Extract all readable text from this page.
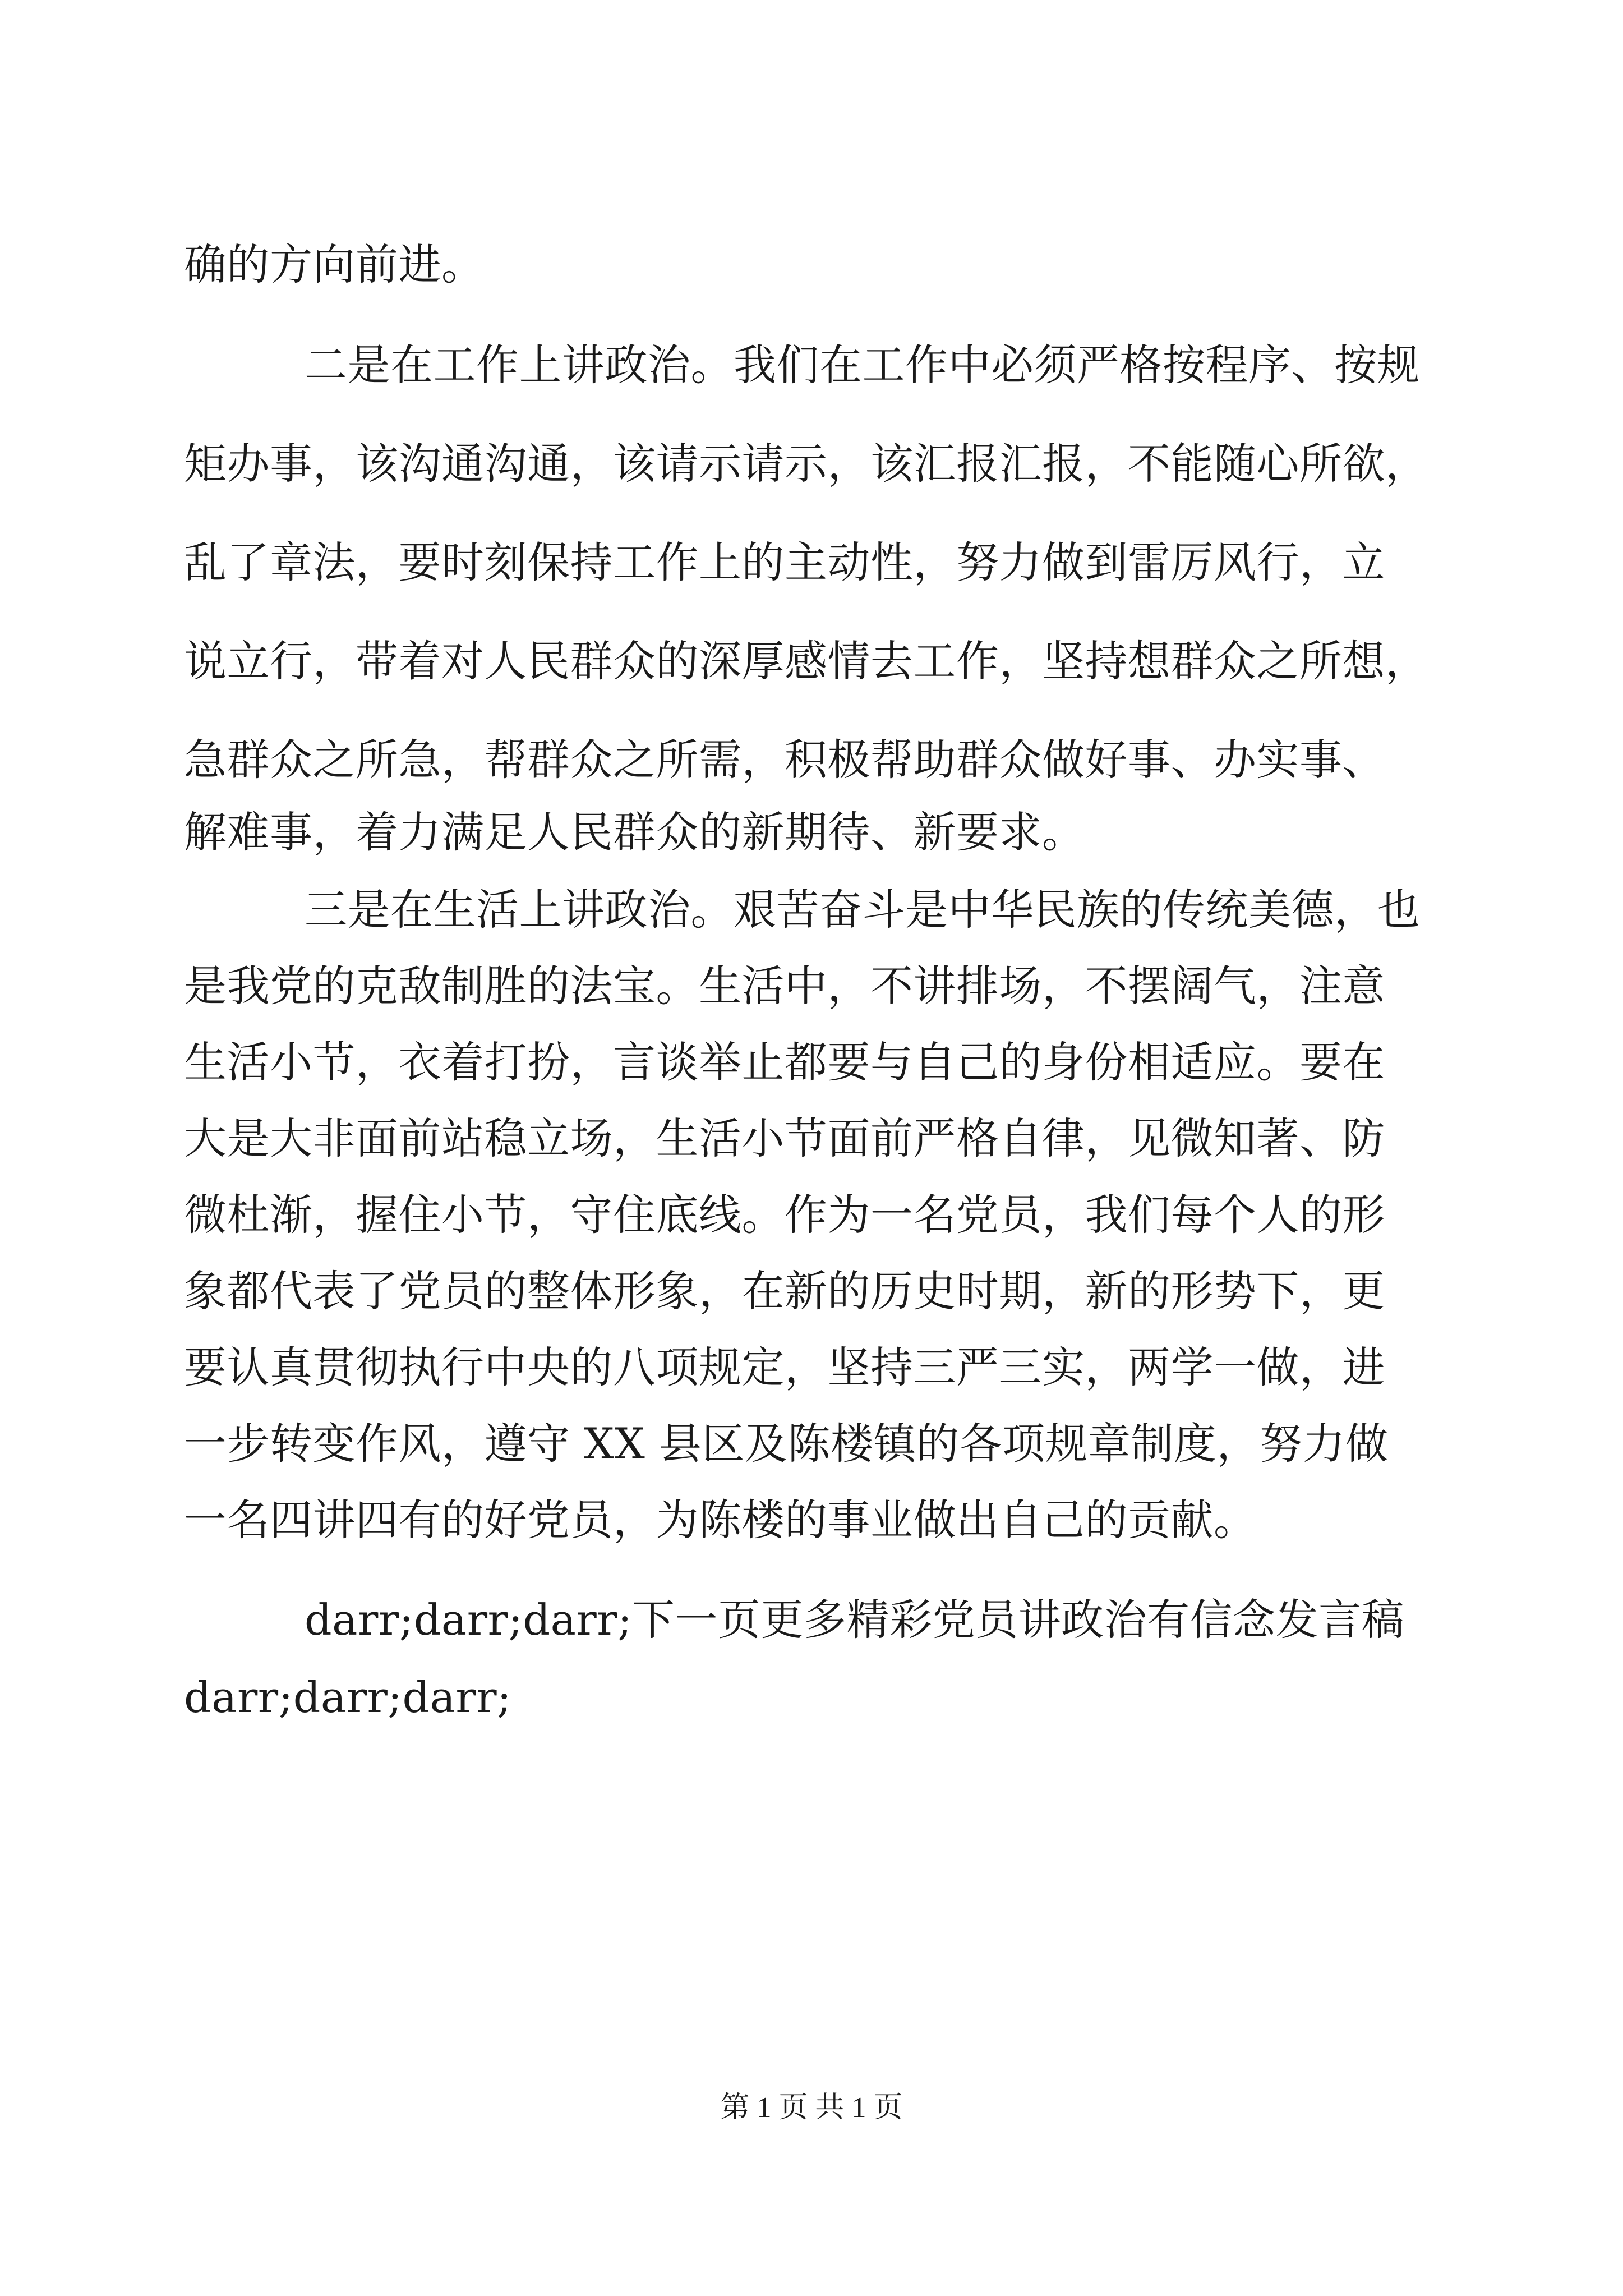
确的方向前进。
二是在工作上讲政治。我们在工作中必须严格按程序、按规
矩办事，该沟通沟通，该请示请示，该汇报汇报，不能随心所欲，
乱了章法，要时刻保持工作上的主动性，努力做到雷厉风行，立
说立行，带着对人民群众的深厚感情去工作，坚持想群众之所想，
急群众之所急，帮群众之所需，积极帮助群众做好事、办实事、
解难事，着力满足人民群众的新期待、新要求。
三是在生活上讲政治。艰苦奋斗是中华民族的传统美德，也
是我党的克敌制胜的法宝。生活中，不讲排场，不摆阔气，注意
生活小节，衣着打扮，言谈举止都要与自己的身份相适应。要在
大是大非面前站稳立场，生活小节面前严格自律，见微知著、防
微杜渐，握住小节，守住底线。作为一名党员，我们每个人的形
象都代表了党员的整体形象，在新的历史时期，新的形势下，更
要认真贯彻执行中央的八项规定，坚持三严三实，两学一做，进
一步转变作风，遵守 XX 县区及陈楼镇的各项规章制度，努力做
一名四讲四有的好党员，为陈楼的事业做出自己的贡献。
darr;darr;darr;下一页更多精彩党员讲政治有信念发言稿
darr;darr;darr;
第 1 页 共 1 页
